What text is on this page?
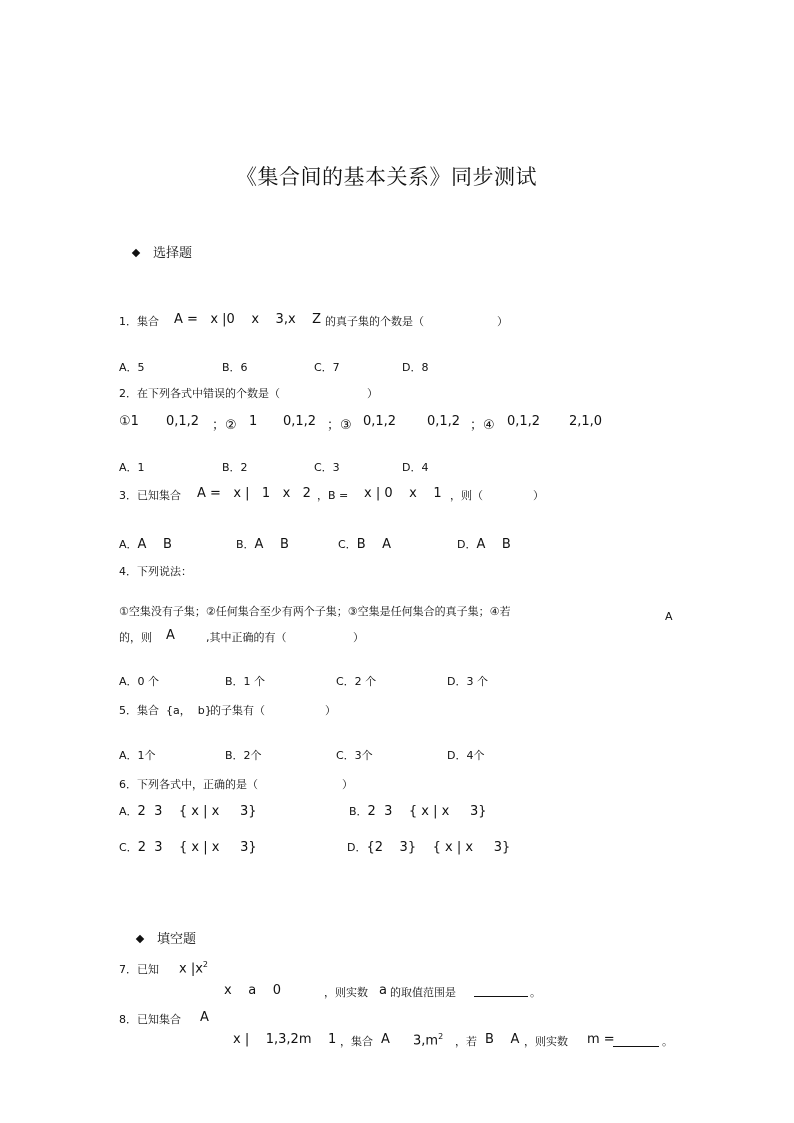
《集合间的基本关系》同步测试
选择题
1．集合 A =   x |0    x    3,x    Z 的真子集的个数是（	）
A．5	B．6	C．7	D．8
2．在下列各式中错误的个数是（	）
①1 0,1,2 ；② 1 0,1,2 ；③ 0,1,2 0,1,2 ；④ 0,1,2 2,1,0
A．1	B．2	C．3	D．4
3．已知集合 A =   x |   1   x   2 ，B = x | 0    x    1 ，则（	）
A．A    B	B．A    B	C．B    A	D．A    B
4．下列说法：
①空集没有子集；②任何集合至少有两个子集；③空集是任何集合的真子集；④若	A
的，则 A	,其中正确的有（	）
A．0 个	B．1 个	C．2 个	D．3 个
5．集合 {a，  b}
的子集有（	）
A．1个	B．2个	C．3个	D．4个
6．下列各式中，正确的是（	）
A．2  3    { x | x     3}	B．2  3    { x | x     3}
C．2  3    { x | x     3}	D．{2    3}    { x | x     3}
填空题
7．已知 x $|x^2$
x    a    0	，则实数 a 的取值范围是	。
8．已知集合 A
x |    1,3,2m    1 ，集合 A $3,m^2$ ，若 B    A ，则实数 m =	。
